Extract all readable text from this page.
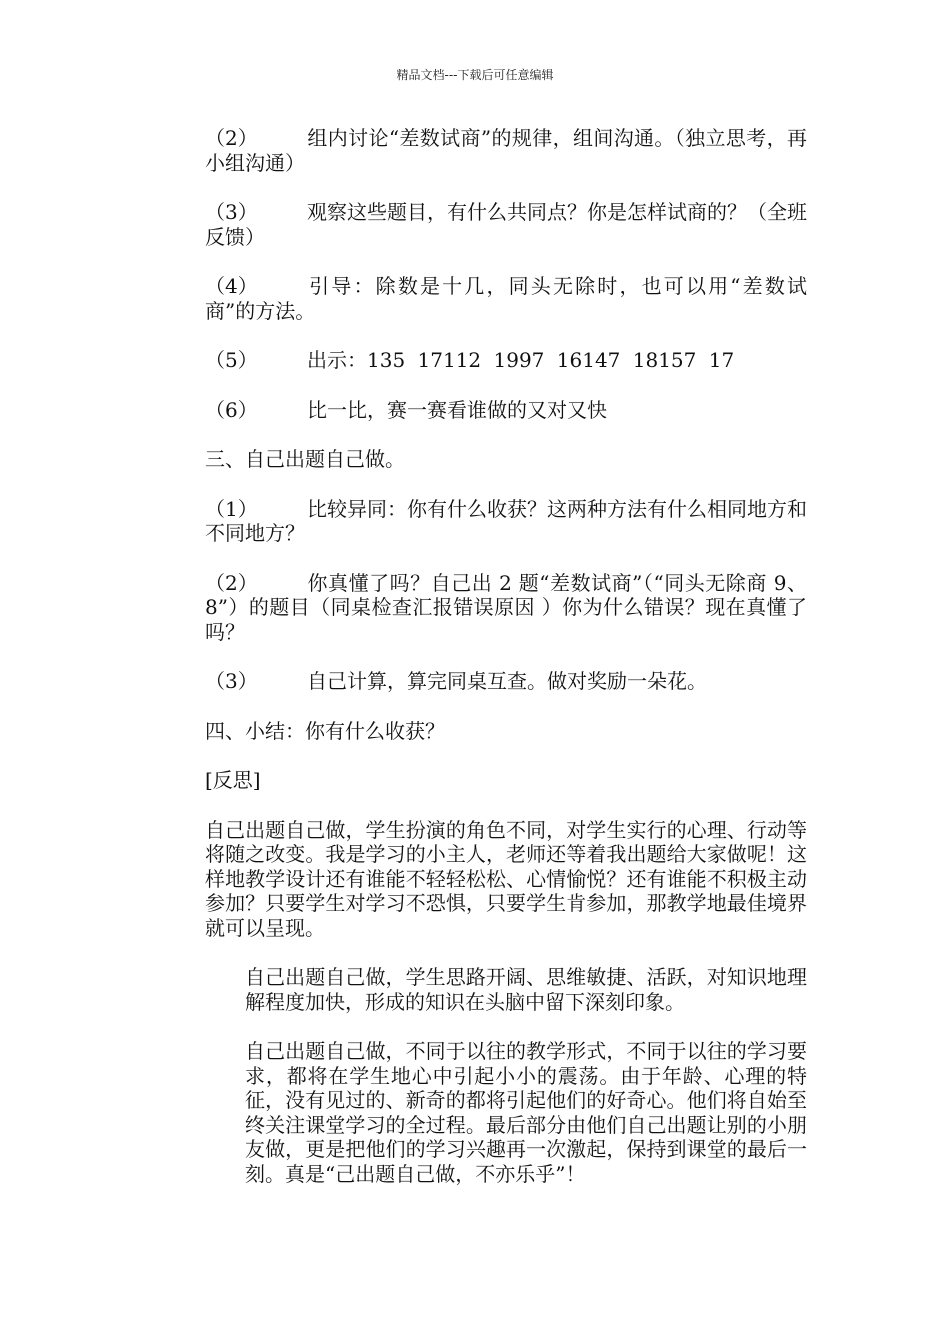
精品文档---下载后可任意编辑

（2） 组内讨论“差数试商”的规律，组间沟通。（独立思考，再小组沟通）

（3） 观察这些题目，有什么共同点？你是怎样试商的？（全班反馈）

（4） 引导：除数是十几，同头无除时，也可以用“差数试商”的方法。

（5） 出示：135 17112 1997 16147 18157 17

（6） 比一比，赛一赛看谁做的又对又快

三、自己出题自己做。

（1） 比较异同：你有什么收获？这两种方法有什么相同地方和不同地方？

（2） 你真懂了吗？自己出 2 题“差数试商”（“同头无除商 9、8”）的题目（同桌检查汇报错误原因 ）你为什么错误？现在真懂了吗？

（3） 自己计算，算完同桌互查。做对奖励一朵花。

四、小结：你有什么收获？

[反思]

自己出题自己做，学生扮演的角色不同，对学生实行的心理、行动等将随之改变。我是学习的小主人，老师还等着我出题给大家做呢！这样地教学设计还有谁能不轻轻松松、心情愉悦？还有谁能不积极主动参加？只要学生对学习不恐惧，只要学生肯参加，那教学地最佳境界就可以呈现。

自己出题自己做，学生思路开阔、思维敏捷、活跃，对知识地理解程度加快，形成的知识在头脑中留下深刻印象。

自己出题自己做，不同于以往的教学形式，不同于以往的学习要求，都将在学生地心中引起小小的震荡。由于年龄、心理的特征，没有见过的、新奇的都将引起他们的好奇心。他们将自始至终关注课堂学习的全过程。最后部分由他们自己出题让别的小朋友做，更是把他们的学习兴趣再一次激起，保持到课堂的最后一刻。真是“己出题自己做，不亦乐乎”！
